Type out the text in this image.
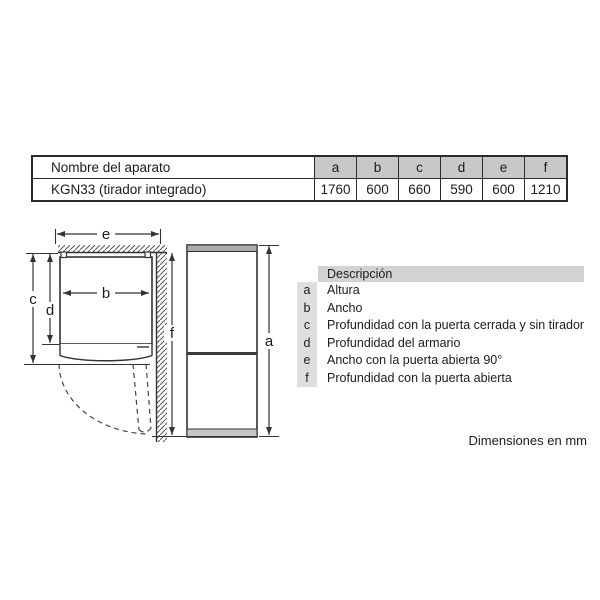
Nombre del aparato	a	b	c	d	e	f
KGN33 (tirador integrado)	1760	600	660	590	600	1210
e
b
c
d
f	a
Descripción
a	Altura
b	Ancho
c	Profundidad con la puerta cerrada y sin tirador
d	Profundidad del armario
e	Ancho con la puerta abierta 90°
f	Profundidad con la puerta abierta
Dimensiones en mm
